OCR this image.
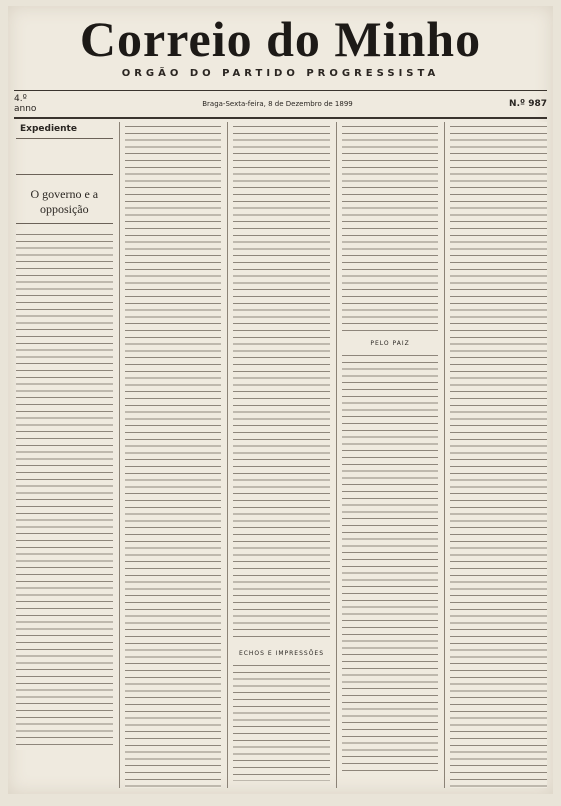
Correio do Minho
ORGÃO DO PARTIDO PROGRESSISTA
4.º anno	Braga-Sexta-feira, 8 de Dezembro de 1899	N.º 987
Expediente

O governo e a opposição
ECHOS E IMPRESSÕES
PELO PAIZ
